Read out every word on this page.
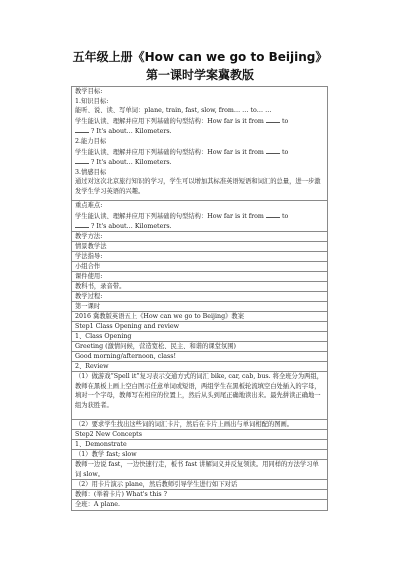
五年级上册《How can we go to Beijing》
第一课时学案冀教版
教学目标:
1.知识目标:
能听、说、读、写单词：plane, train, fast, slow, from… … to… …
学生能认读、理解并应用下列基础的句型结构：How far is it from	to
? It's about… Kilometers.
2.能力目标
学生能认读、理解并应用下列基础的句型结构：How far is it from	to
? It's about… Kilometers.
3.情感目标
通过对这次北京旅行知识的学习，学生可以增加其标准英语短语和词汇的总量，进一步激发学生学习英语的兴趣。
重点难点:
学生能认读、理解并应用下列基础的句型结构：How far is it from	to
? It's about… Kilometers.
教学方法:
情景教学法
学法指导:
小组合作
课件使用:
教科书，录音带。
教学过程:
第一课时
2016 冀教版英语五上《How can we go to Beijing》教案
Step1 Class Opening and review
1、Class Opening
Greeting (激情问候，营造宽松、民主、和谐的课堂氛围)
Good morning/afternoon, class!
2、Review
（1）做游戏“Spell it”复习表示交通方式的词汇 bike, car, cab, bus. 将全班分为两组，教师在黑板上画上空白图示任意单词或短语，两组学生在黑板轮流填空白处插入的字母，填对一个字母，教师写在相应的位置上，然后从头到尾正确地读出来。最先拼读正确地一组为获胜者。
（2）要求学生找出这些词的词汇卡片，然后在卡片上画出与单词相配的图画。
Step2 New Concepts
1、Demonstrate
（1）教学 fast; slow
教师一边说 fast，一边快速行走，板书 fast 讲解词义并反复领读。用同样的方法学习单词 slow。
（2）用卡片演示 plane，然后教师引导学生进行如下对话
教师：(举着卡片) What's this ?
全班：A plane.
